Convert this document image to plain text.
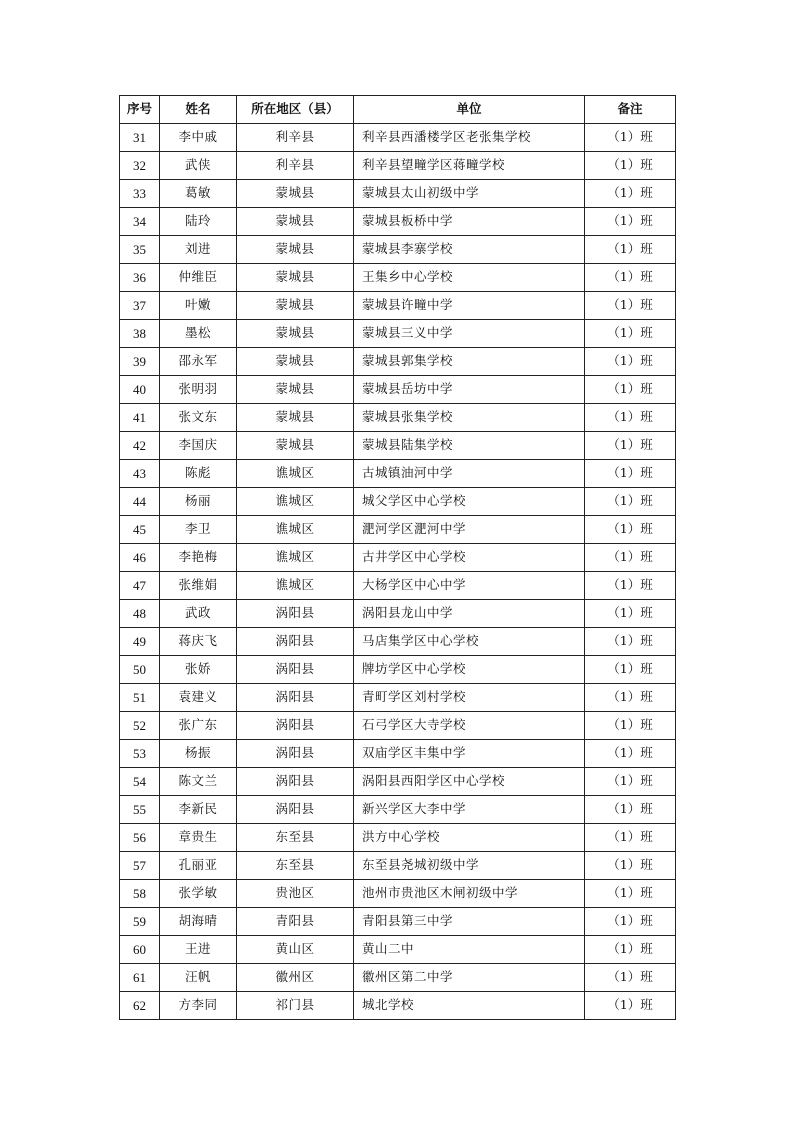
序号	姓名	所在地区（县）	单位	备注
31	李中戚	利辛县	利辛县西潘楼学区老张集学校	（1）班
32	武侠	利辛县	利辛县望疃学区蒋疃学校	（1）班
33	葛敏	蒙城县	蒙城县太山初级中学	（1）班
34	陆玲	蒙城县	蒙城县板桥中学	（1）班
35	刘进	蒙城县	蒙城县李寨学校	（1）班
36	仲维臣	蒙城县	王集乡中心学校	（1）班
37	叶嫩	蒙城县	蒙城县许疃中学	（1）班
38	墨松	蒙城县	蒙城县三义中学	（1）班
39	邵永军	蒙城县	蒙城县郭集学校	（1）班
40	张明羽	蒙城县	蒙城县岳坊中学	（1）班
41	张文东	蒙城县	蒙城县张集学校	（1）班
42	李国庆	蒙城县	蒙城县陆集学校	（1）班
43	陈彪	谯城区	古城镇油河中学	（1）班
44	杨丽	谯城区	城父学区中心学校	（1）班
45	李卫	谯城区	淝河学区淝河中学	（1）班
46	李艳梅	谯城区	古井学区中心学校	（1）班
47	张维娟	谯城区	大杨学区中心中学	（1）班
48	武政	涡阳县	涡阳县龙山中学	（1）班
49	蒋庆飞	涡阳县	马店集学区中心学校	（1）班
50	张娇	涡阳县	牌坊学区中心学校	（1）班
51	袁建义	涡阳县	青町学区刘村学校	（1）班
52	张广东	涡阳县	石弓学区大寺学校	（1）班
53	杨振	涡阳县	双庙学区丰集中学	（1）班
54	陈文兰	涡阳县	涡阳县西阳学区中心学校	（1）班
55	李新民	涡阳县	新兴学区大李中学	（1）班
56	章贵生	东至县	洪方中心学校	（1）班
57	孔丽亚	东至县	东至县尧城初级中学	（1）班
58	张学敏	贵池区	池州市贵池区木闸初级中学	（1）班
59	胡海晴	青阳县	青阳县第三中学	（1）班
60	王进	黄山区	黄山二中	（1）班
61	汪帆	徽州区	徽州区第二中学	（1）班
62	方李同	祁门县	城北学校	（1）班
